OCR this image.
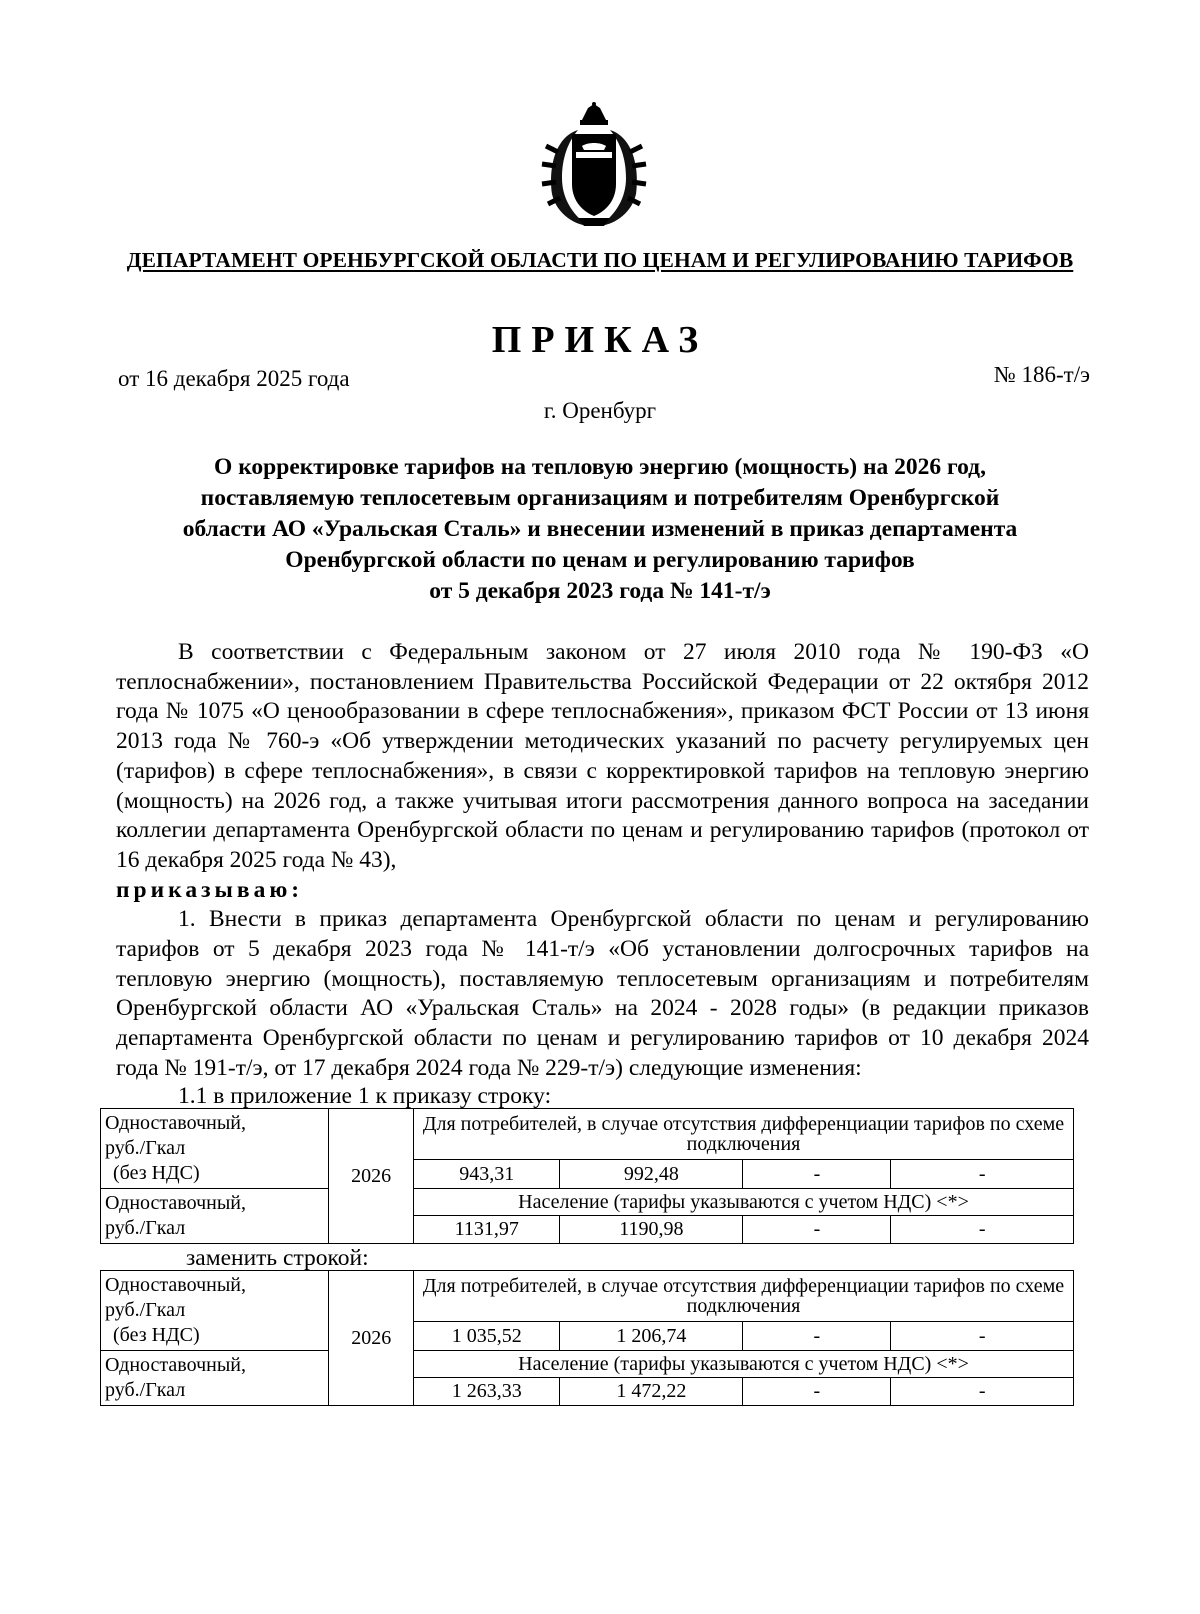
ДЕПАРТАМЕНТ ОРЕНБУРГСКОЙ ОБЛАСТИ ПО ЦЕНАМ И РЕГУЛИРОВАНИЮ ТАРИФОВ
ПРИКАЗ
от 16 декабря 2025 года	№ 186-т/э
г. Оренбург
О корректировке тарифов на тепловую энергию (мощность) на 2026 год,
поставляемую теплосетевым организациям и потребителям Оренбургской
области АО «Уральская Сталь» и внесении изменений в приказ департамента
Оренбургской области по ценам и регулированию тарифов
от 5 декабря 2023 года № 141-т/э

В соответствии с Федеральным законом от 27 июля 2010 года № 190-ФЗ «О теплоснабжении», постановлением Правительства Российской Федерации от 22 октября 2012 года № 1075 «О ценообразовании в сфере теплоснабжения», приказом ФСТ России от 13 июня 2013 года № 760-э «Об утверждении методических указаний по расчету регулируемых цен (тарифов) в сфере теплоснабжения», в связи с корректировкой тарифов на тепловую энергию (мощность) на 2026 год, а также учитывая итоги рассмотрения данного вопроса на заседании коллегии департамента Оренбургской области по ценам и регулированию тарифов (протокол от 16 декабря 2025 года № 43),

приказываю:

1. Внести в приказ департамента Оренбургской области по ценам и регулированию тарифов от 5 декабря 2023 года № 141-т/э «Об установлении долгосрочных тарифов на тепловую энергию (мощность), поставляемую теплосетевым организациям и потребителям Оренбургской области АО «Уральская Сталь» на 2024 - 2028 годы» (в редакции приказов департамента Оренбургской области по ценам и регулированию тарифов от 10 декабря 2024 года № 191-т/э, от 17 декабря 2024 года № 229-т/э) следующие изменения:

1.1 в приложение 1 к приказу строку:

Одноставочный,
руб./Гкал
(без НДС)	2026	Для потребителей, в случае отсутствия дифференциации тарифов по схеме подключения			
		943,31	992,48	-	-

Одноставочный,
руб./Гкал		Население (тарифы указываются с учетом НДС) <*>			
		1131,97	1190,98	-	-

заменить строкой:

Одноставочный,
руб./Гкал
(без НДС)	2026	Для потребителей, в случае отсутствия дифференциации тарифов по схеме подключения			
		1 035,52	1 206,74	-	-

Одноставочный,
руб./Гкал		Население (тарифы указываются с учетом НДС) <*>			
		1 263,33	1 472,22	-	-
